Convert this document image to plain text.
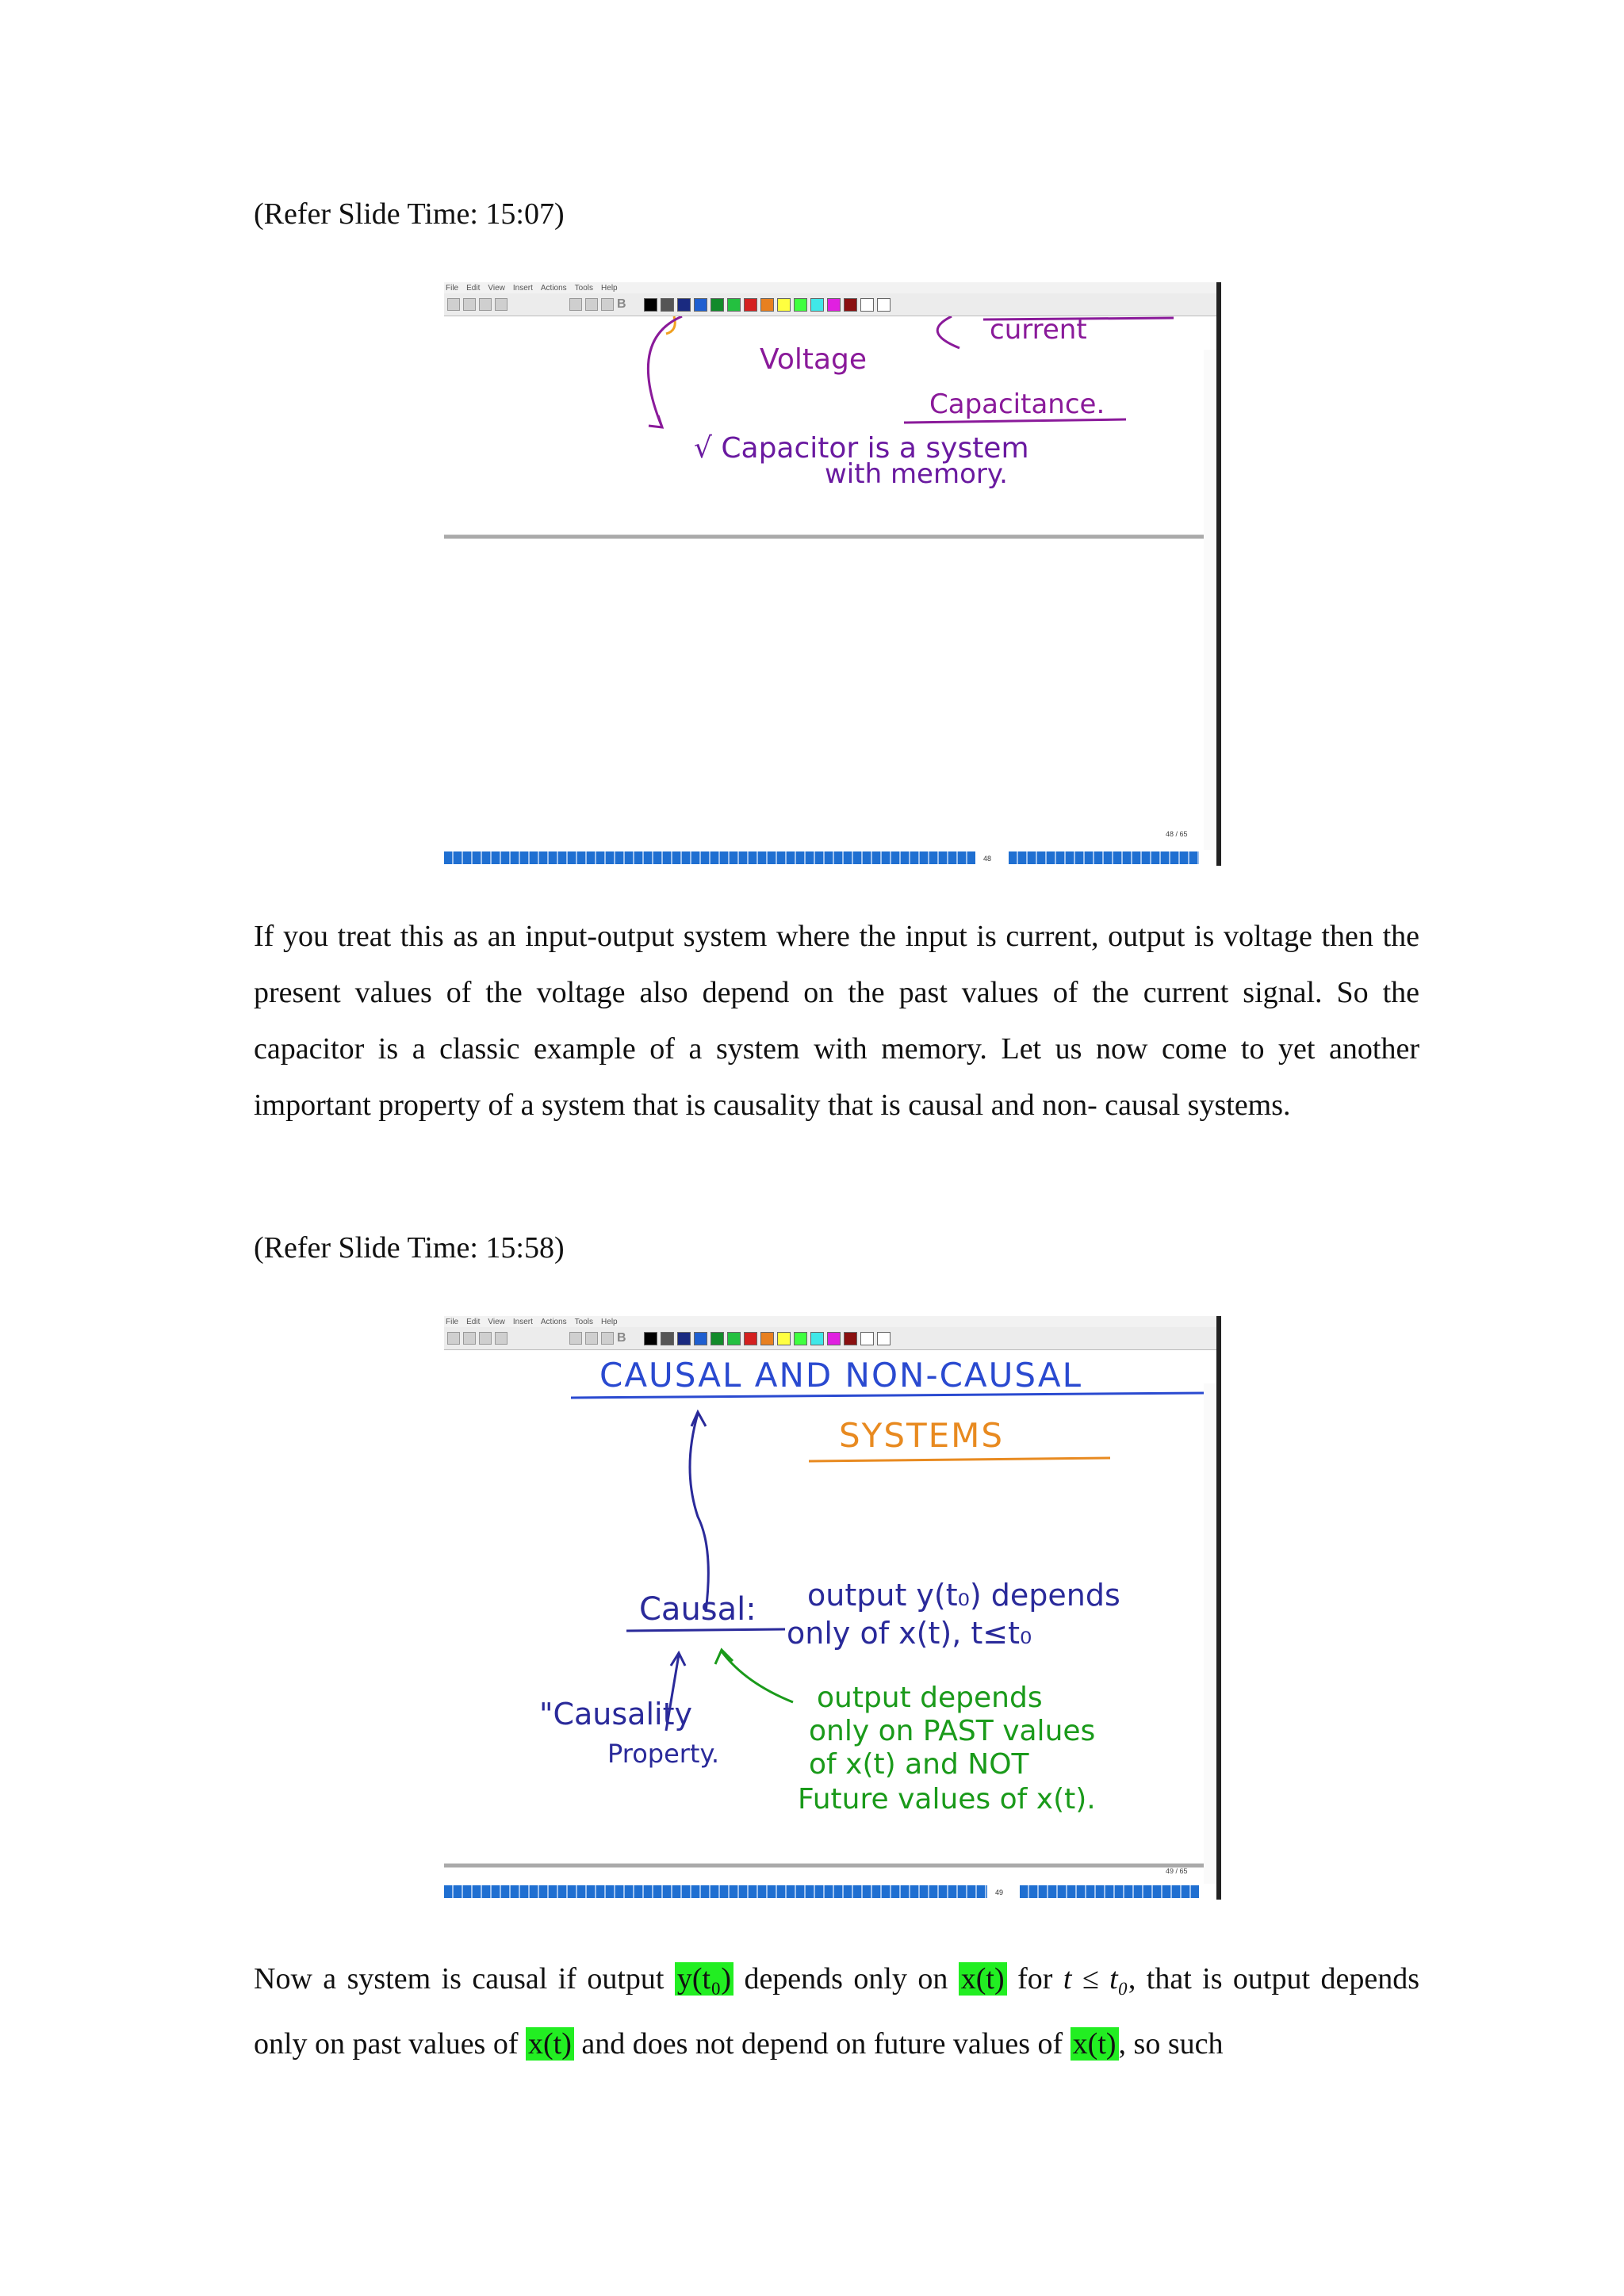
(Refer Slide Time: 15:07)

File Edit View Insert Actions Tools Help
B
Voltage
current
Capacitance.
√ Capacitor is a system
with memory.
48 / 65
48

If you treat this as an input-output system where the input is current, output is voltage then the present values of the voltage also depend on the past values of the current signal. So the capacitor is a classic example of a system with memory. Let us now come to yet another important property of a system that is causality that is causal and non- causal systems.

(Refer Slide Time: 15:58)

File Edit View Insert Actions Tools Help
B
CAUSAL AND NON-CAUSAL
SYSTEMS
Causal: output y(t₀) depends
only of x(t), t≤t₀
"Causality
Property.
output depends
only on PAST values
of x(t) and NOT
Future values of x(t).
49 / 65
49

Now a system is causal if output y(t₀) depends only on x(t) for t ≤ t₀, that is output depends only on past values of x(t) and does not depend on future values of x(t), so such
